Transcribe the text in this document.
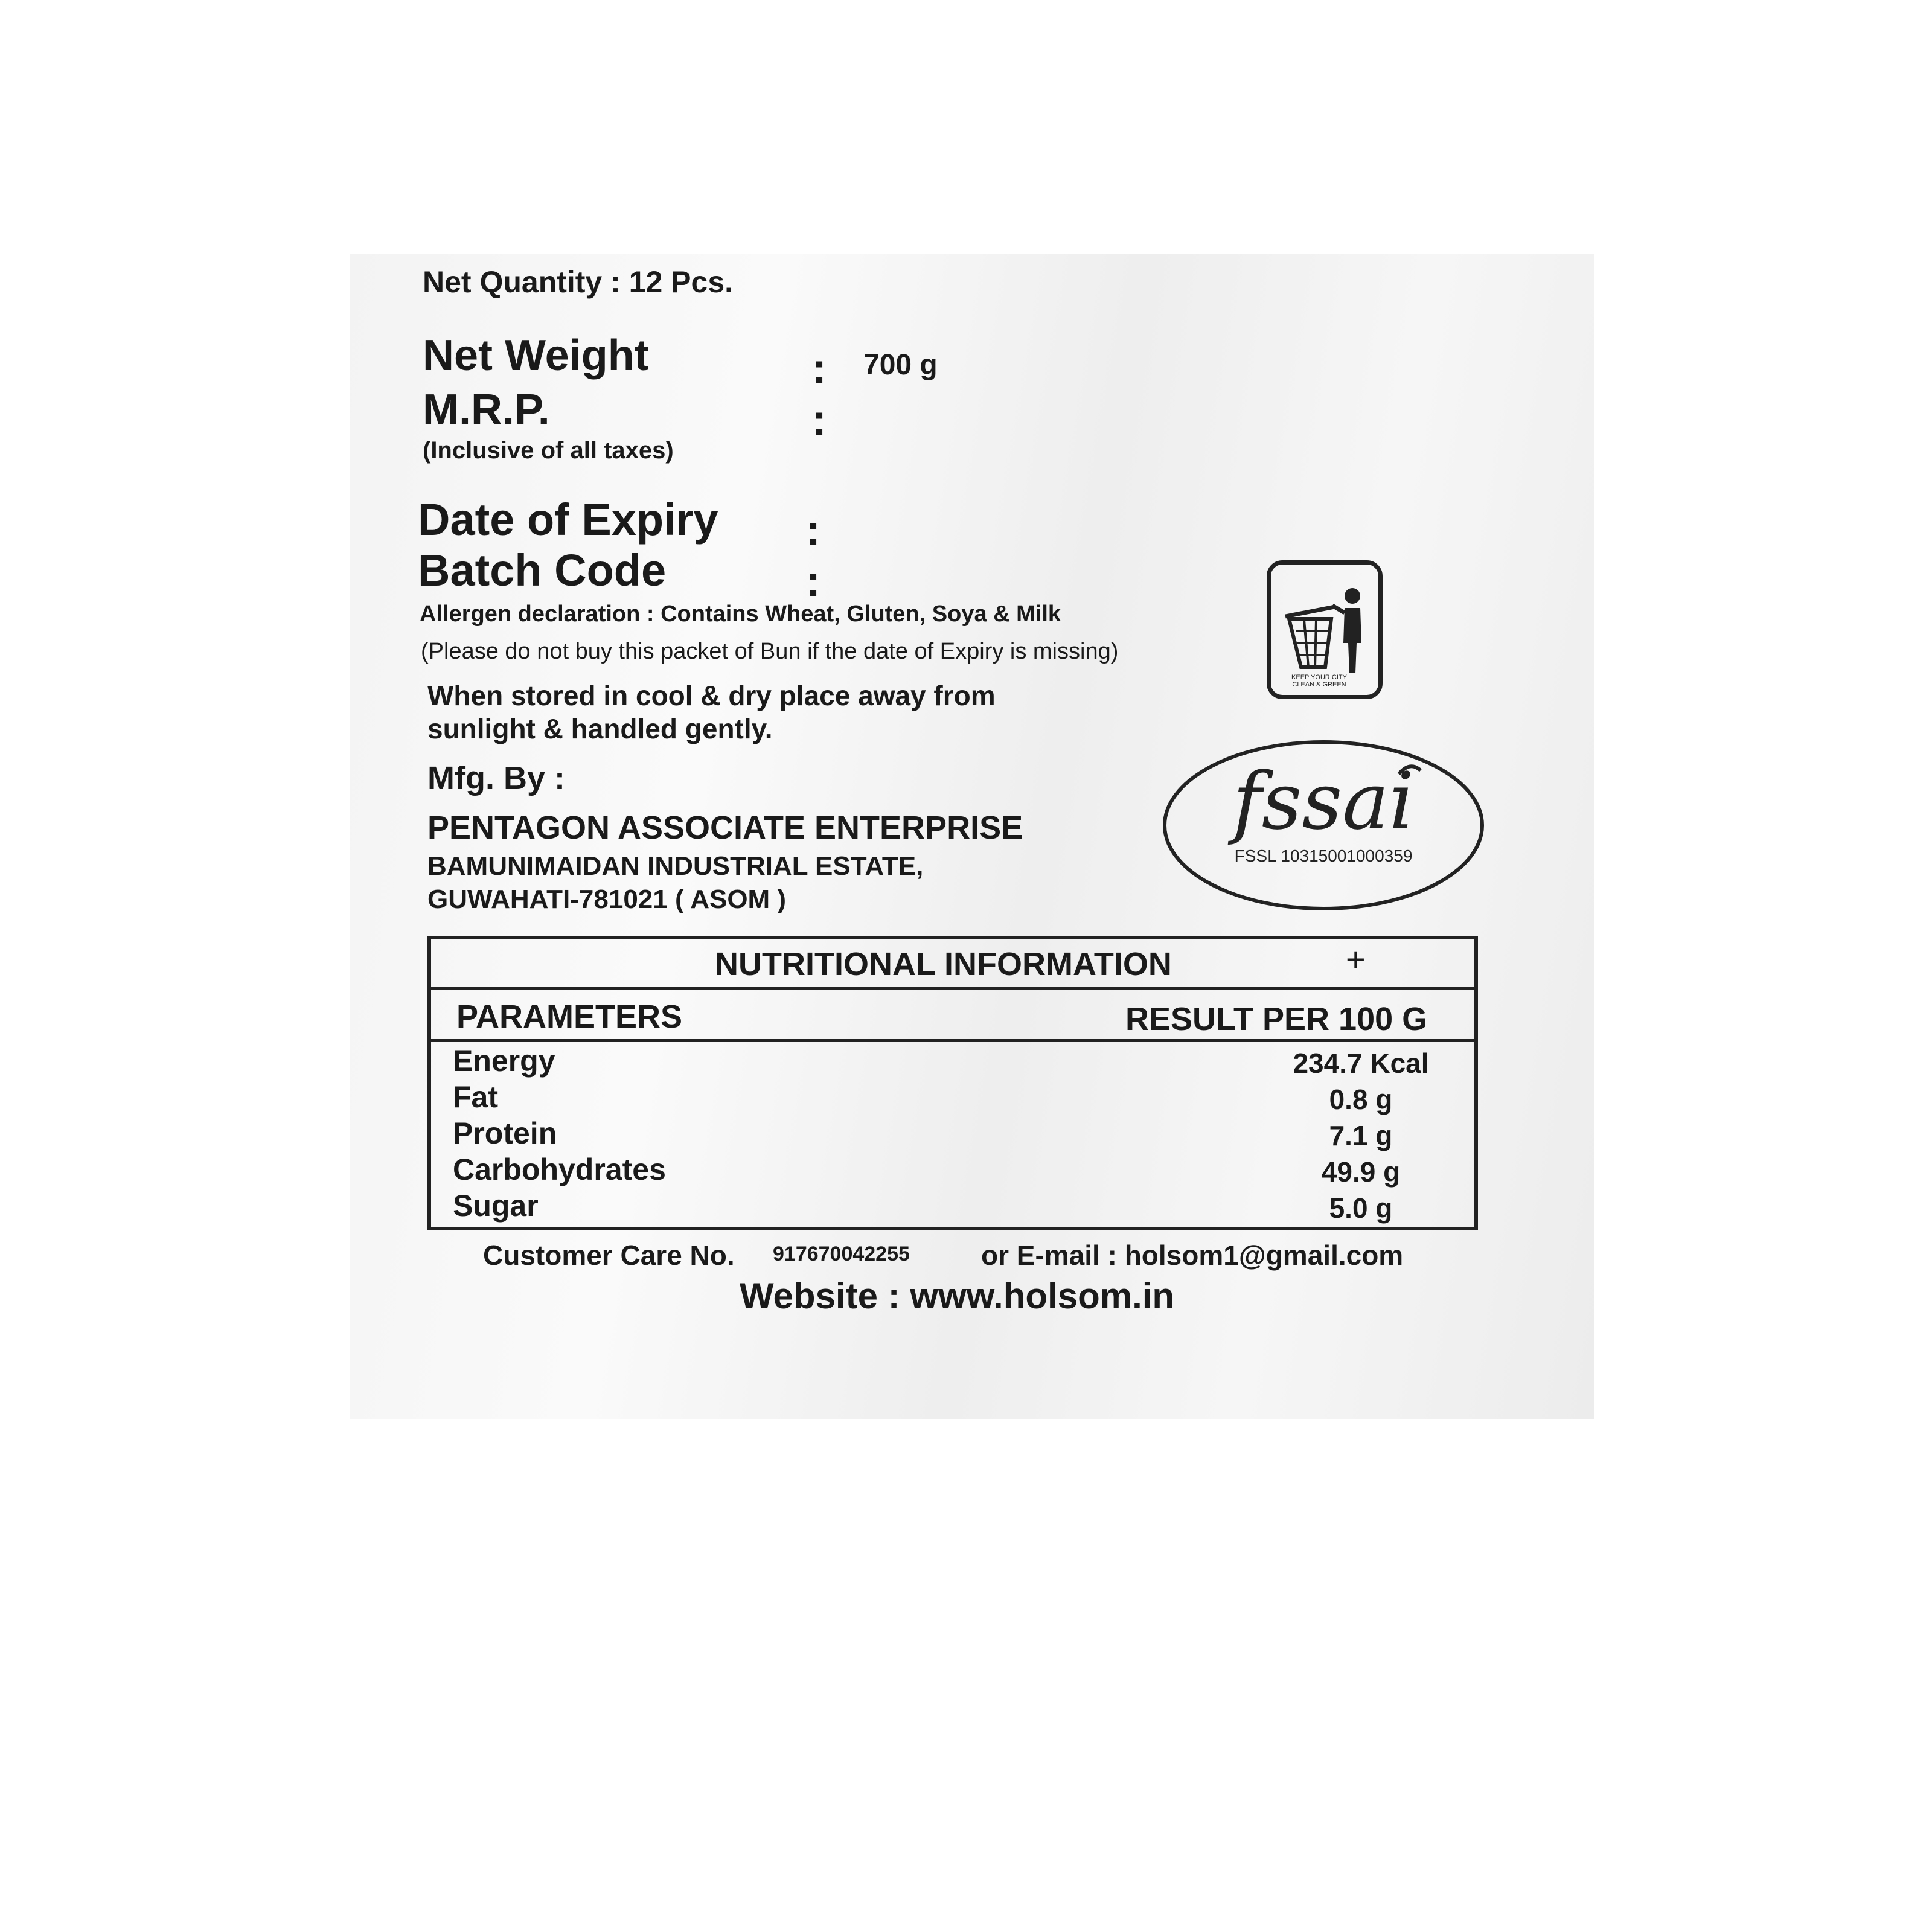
Net Quantity : 12 Pcs.
Net Weight	: 700 g
M.R.P.	:
(Inclusive of all taxes)
Date of Expiry :
Batch Code	:
Allergen declaration : Contains Wheat, Gluten, Soya & Milk
(Please do not buy this packet of Bun if the date of Expiry is missing)
When stored in cool & dry place away from
sunlight & handled gently.
Mfg. By :
PENTAGON ASSOCIATE ENTERPRISE
BAMUNIMAIDAN INDUSTRIAL ESTATE,
GUWAHATI-781021 ( ASOM )
KEEP YOUR CITY
CLEAN & GREEN
fssai
FSSL 10315001000359
NUTRITIONAL INFORMATION	+
PARAMETERS	RESULT PER 100 G
Energy	234.7 Kcal
Fat	0.8 g
Protein	7.1 g
Carbohydrates	49.9 g
Sugar	5.0 g
Customer Care No. 917670042255	or E-mail : holsom1@gmail.com
Website : www.holsom.in
